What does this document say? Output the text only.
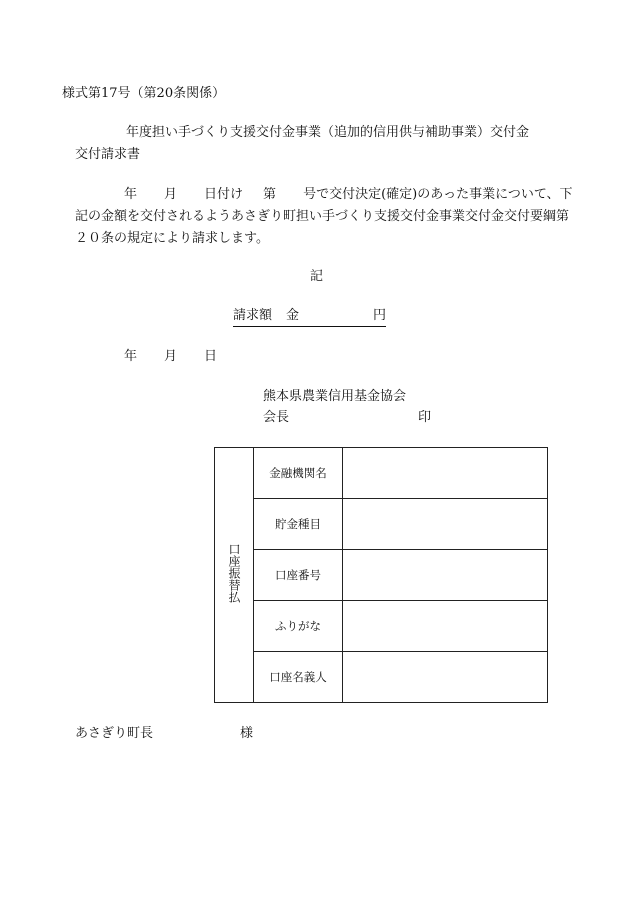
様式第17号（第20条関係）
年度担い手づくり支援交付金事業（追加的信用供与補助事業）交付金
交付請求書
年 月 日付け 第 号で交付決定(確定)のあった事業について、下
記の金額を交付されるようあさぎり町担い手づくり支援交付金事業交付金交付要綱第
２０条の規定により請求します。
記
請求額 金	円
年 月 日
熊本県農業信用基金協会
会長	印
口座振替払	金融機関名	
	貯金種目	
	口座番号	
	ふりがな	
	口座名義人	
あさぎり町長	様
